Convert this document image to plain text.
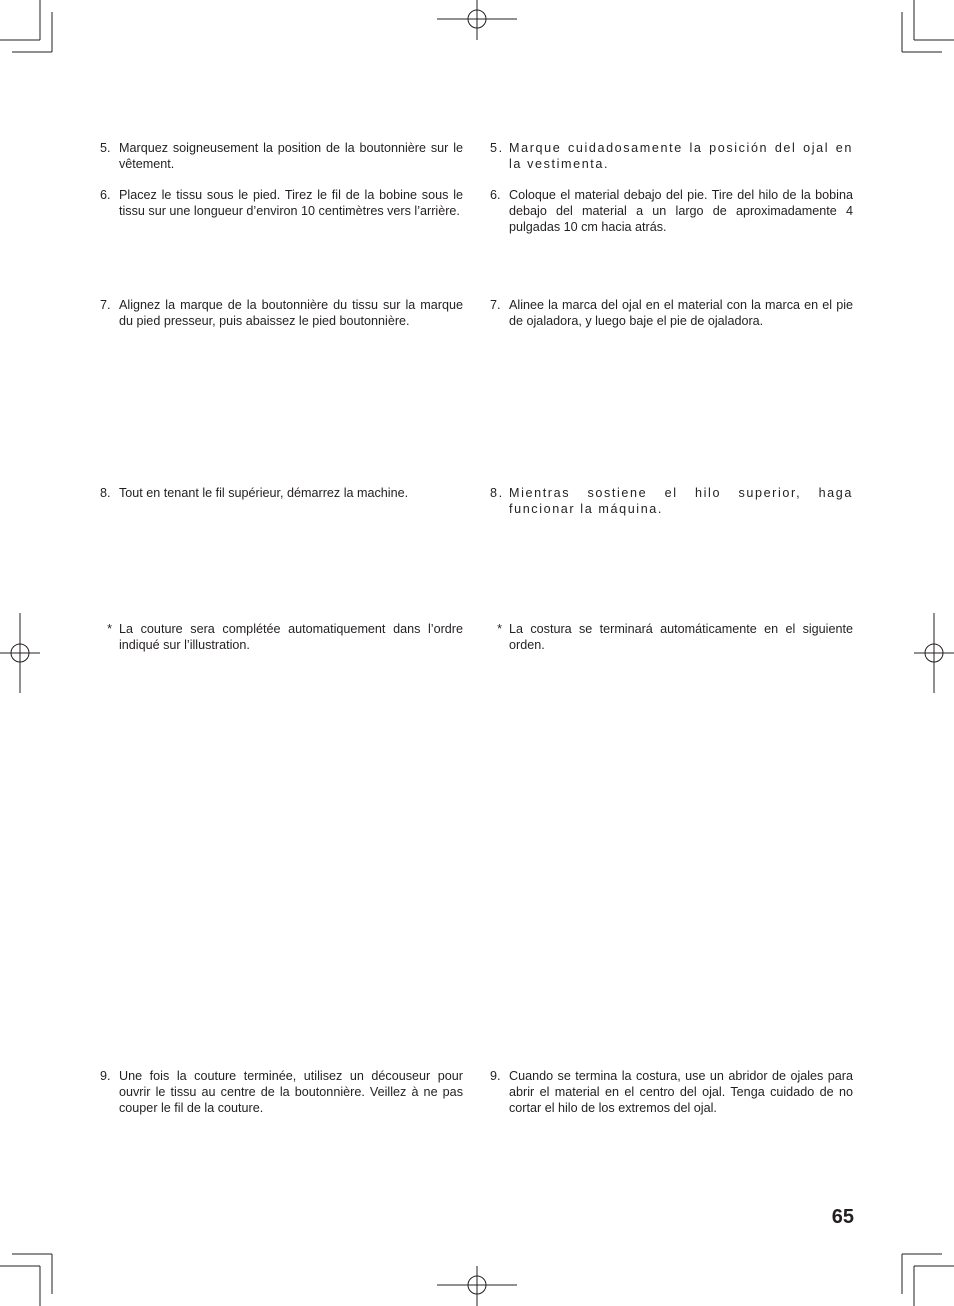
5. Marquez soigneusement la position de la boutonnière sur le vêtement.
6. Placez le tissu sous le pied. Tirez le fil de la bobine sous le tissu sur une longueur d’environ 10 centimètres vers l’arrière.
7. Alignez la marque de la boutonnière du tissu sur la marque du pied presseur, puis abaissez le pied boutonnière.
8. Tout en tenant le fil supérieur, démarrez la machine.
* La couture sera complétée automatiquement dans l’ordre indiqué sur l’illustration.
9. Une fois la couture terminée, utilisez un découseur pour ouvrir le tissu au centre de la boutonnière. Veillez à ne pas couper le fil de la couture.
5. Marque cuidadosamente la posición del ojal en la vestimenta.
6. Coloque el material debajo del pie. Tire del hilo de la bobina debajo del material a un largo de aproximadamente 4 pulgadas 10 cm hacia atrás.
7. Alinee la marca del ojal en el material con la marca en el pie de ojaladora, y luego baje el pie de ojaladora.
8. Mientras sostiene el hilo superior, haga funcionar la máquina.
* La costura se terminará automáticamente en el siguiente orden.
9. Cuando se termina la costura, use un abridor de ojales para abrir el material en el centro del ojal. Tenga cuidado de no cortar el hilo de los extremos del ojal.
65
